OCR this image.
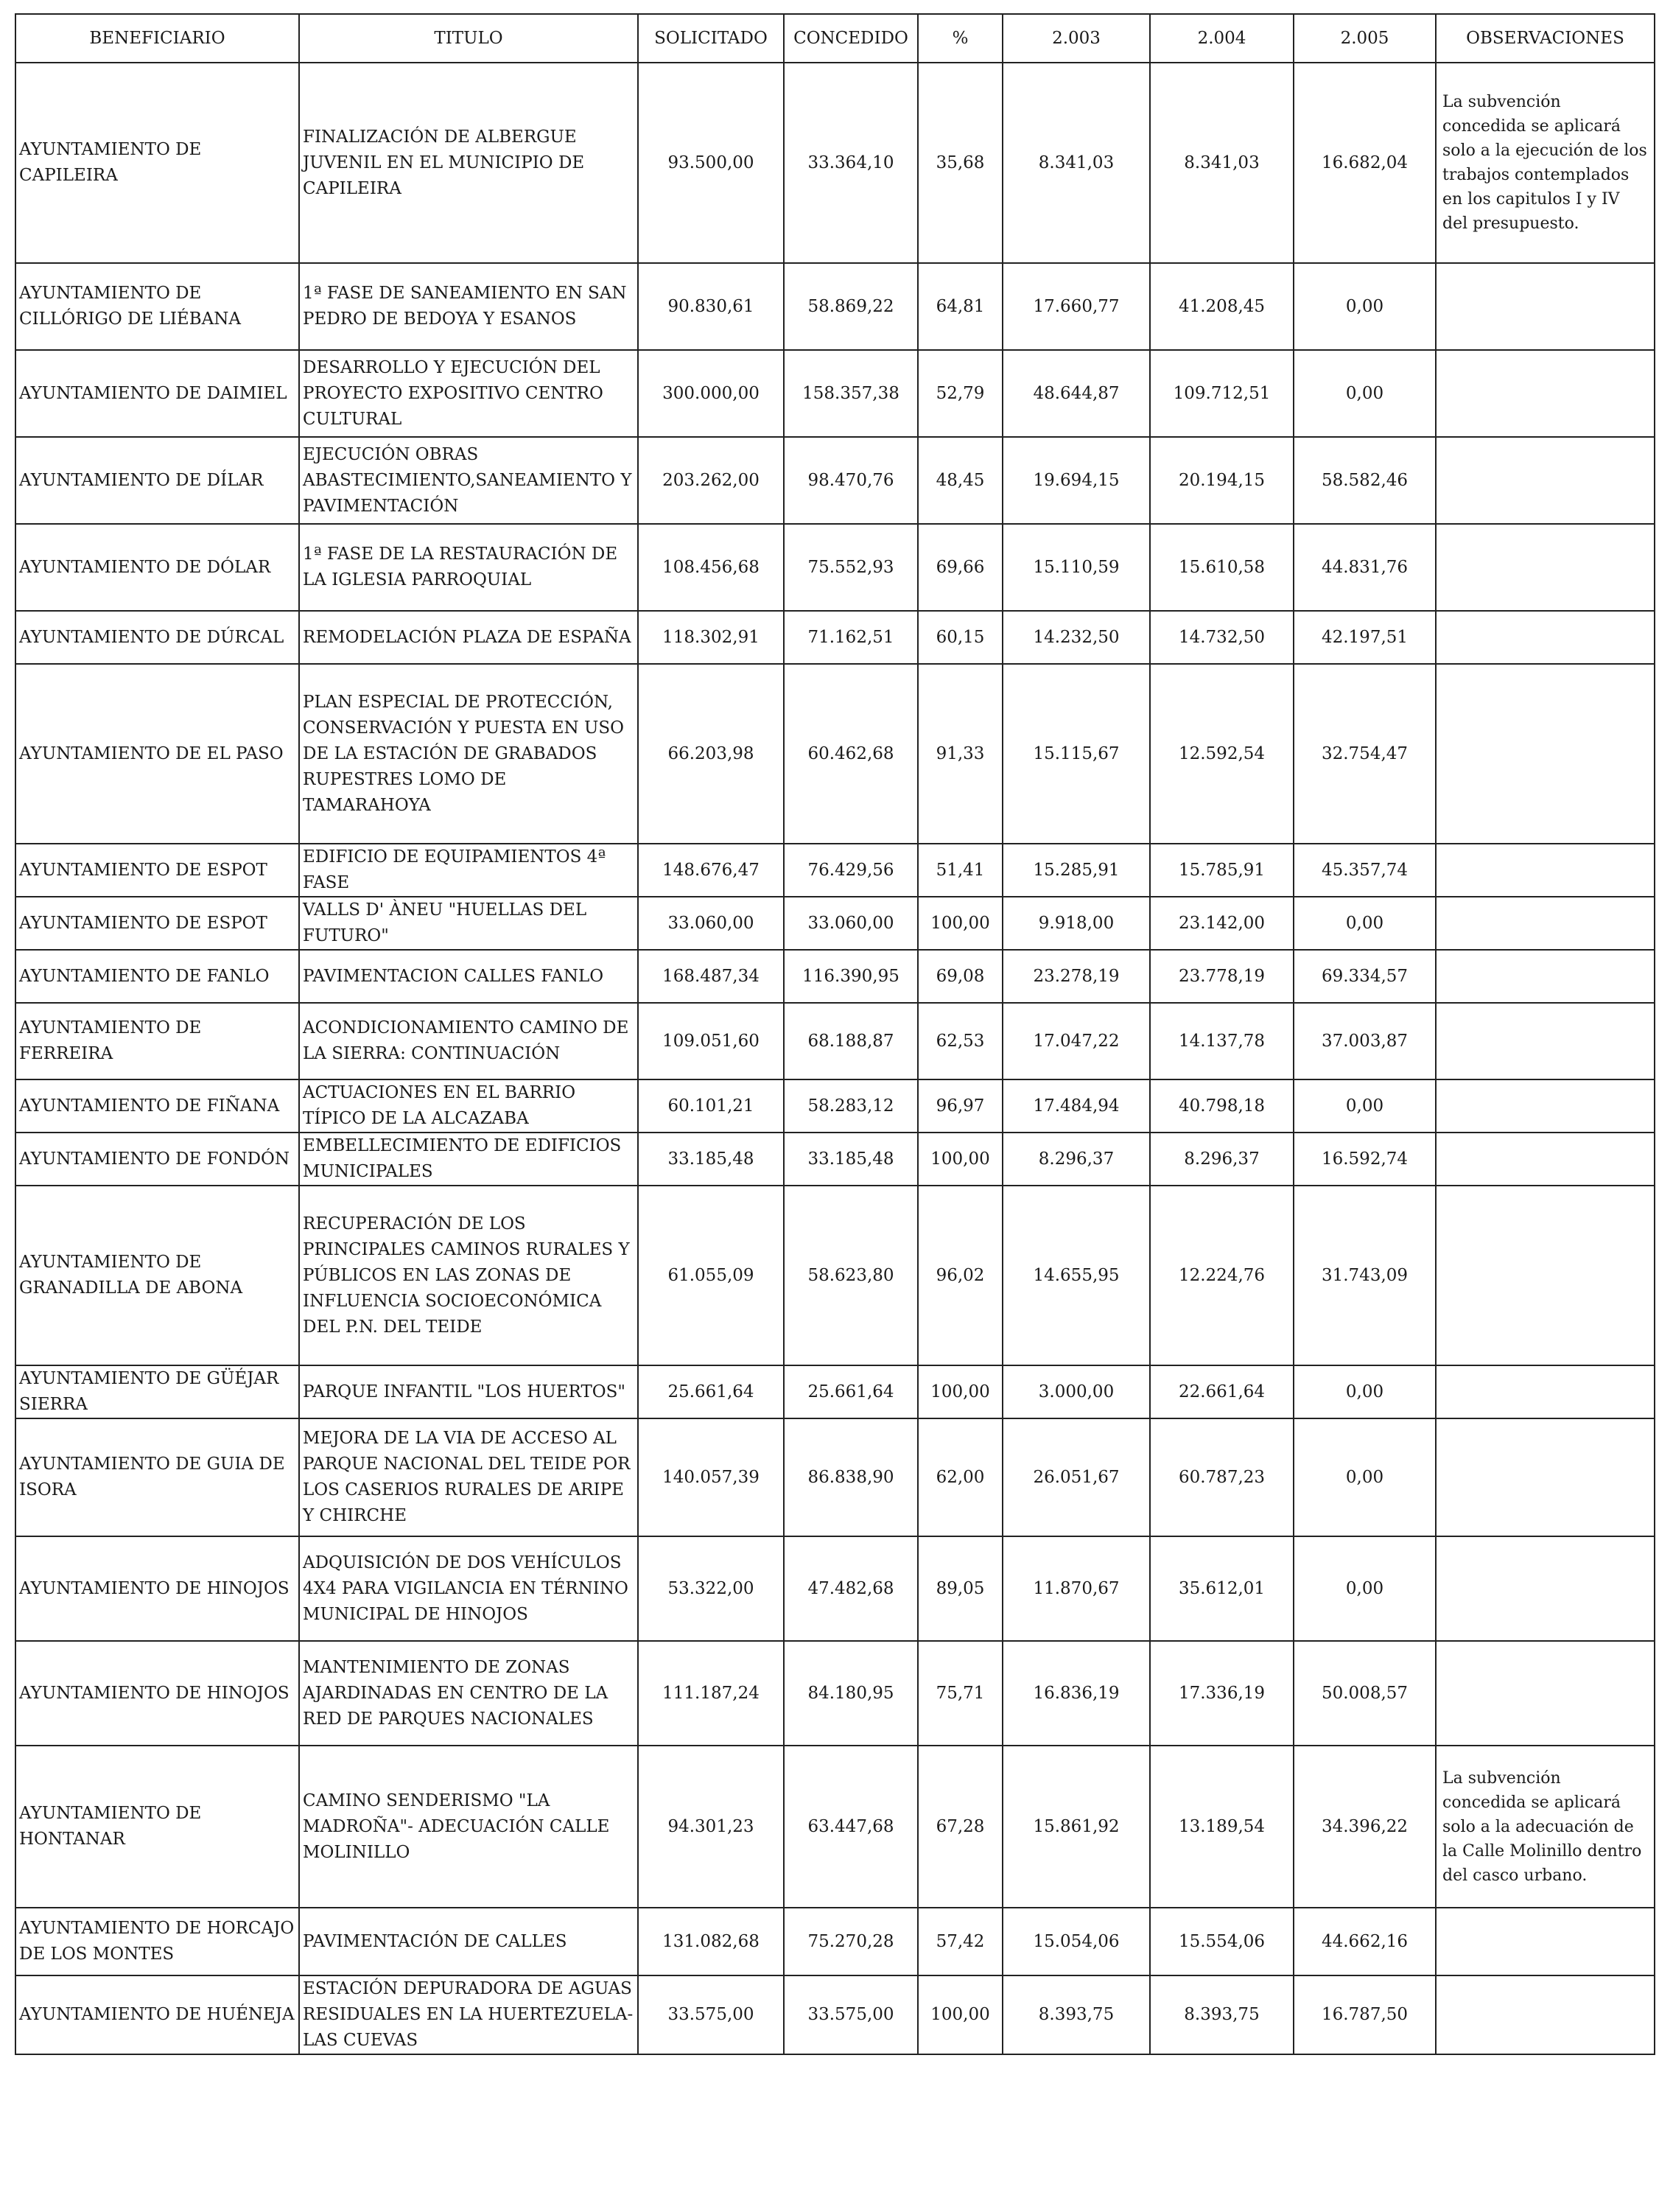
BENEFICIARIO	TITULO	SOLICITADO	CONCEDIDO	%	2.003	2.004	2.005	OBSERVACIONES
AYUNTAMIENTO DE CAPILEIRA	FINALIZACIÓN DE ALBERGUE JUVENIL EN EL MUNICIPIO DE CAPILEIRA	93.500,00	33.364,10	35,68	8.341,03	8.341,03	16.682,04	La subvención concedida se aplicará solo a la ejecución de los trabajos contemplados en los capitulos I y IV del presupuesto.
AYUNTAMIENTO DE CILLÓRIGO DE LIÉBANA	1ª FASE DE SANEAMIENTO EN SAN PEDRO DE BEDOYA Y ESANOS	90.830,61	58.869,22	64,81	17.660,77	41.208,45	0,00	
AYUNTAMIENTO DE DAIMIEL	DESARROLLO Y EJECUCIÓN DEL PROYECTO EXPOSITIVO CENTRO CULTURAL	300.000,00	158.357,38	52,79	48.644,87	109.712,51	0,00	
AYUNTAMIENTO DE DÍLAR	EJECUCIÓN OBRAS ABASTECIMIENTO,SANEAMIENTO Y PAVIMENTACIÓN	203.262,00	98.470,76	48,45	19.694,15	20.194,15	58.582,46	
AYUNTAMIENTO DE DÓLAR	1ª FASE DE LA RESTAURACIÓN DE LA IGLESIA PARROQUIAL	108.456,68	75.552,93	69,66	15.110,59	15.610,58	44.831,76	
AYUNTAMIENTO DE DÚRCAL	REMODELACIÓN PLAZA DE ESPAÑA	118.302,91	71.162,51	60,15	14.232,50	14.732,50	42.197,51	
AYUNTAMIENTO DE EL PASO	PLAN ESPECIAL DE PROTECCIÓN, CONSERVACIÓN Y PUESTA EN USO DE LA ESTACIÓN DE GRABADOS RUPESTRES LOMO DE TAMARAHOYA	66.203,98	60.462,68	91,33	15.115,67	12.592,54	32.754,47	
AYUNTAMIENTO DE ESPOT	EDIFICIO DE EQUIPAMIENTOS 4ª FASE	148.676,47	76.429,56	51,41	15.285,91	15.785,91	45.357,74	
AYUNTAMIENTO DE ESPOT	VALLS D' ÀNEU "HUELLAS DEL FUTURO"	33.060,00	33.060,00	100,00	9.918,00	23.142,00	0,00	
AYUNTAMIENTO DE FANLO	PAVIMENTACION CALLES FANLO	168.487,34	116.390,95	69,08	23.278,19	23.778,19	69.334,57	
AYUNTAMIENTO DE FERREIRA	ACONDICIONAMIENTO CAMINO DE LA SIERRA: CONTINUACIÓN	109.051,60	68.188,87	62,53	17.047,22	14.137,78	37.003,87	
AYUNTAMIENTO DE FIÑANA	ACTUACIONES EN EL BARRIO TÍPICO DE LA ALCAZABA	60.101,21	58.283,12	96,97	17.484,94	40.798,18	0,00	
AYUNTAMIENTO DE FONDÓN	EMBELLECIMIENTO DE EDIFICIOS MUNICIPALES	33.185,48	33.185,48	100,00	8.296,37	8.296,37	16.592,74	
AYUNTAMIENTO DE GRANADILLA DE ABONA	RECUPERACIÓN DE LOS PRINCIPALES CAMINOS RURALES Y PÚBLICOS EN LAS ZONAS DE INFLUENCIA SOCIOECONÓMICA DEL P.N. DEL TEIDE	61.055,09	58.623,80	96,02	14.655,95	12.224,76	31.743,09	
AYUNTAMIENTO DE GÜÉJAR SIERRA	PARQUE INFANTIL "LOS HUERTOS"	25.661,64	25.661,64	100,00	3.000,00	22.661,64	0,00	
AYUNTAMIENTO DE GUIA DE ISORA	MEJORA DE LA VIA DE ACCESO AL PARQUE NACIONAL DEL TEIDE POR LOS CASERIOS RURALES DE ARIPE Y CHIRCHE	140.057,39	86.838,90	62,00	26.051,67	60.787,23	0,00	
AYUNTAMIENTO DE HINOJOS	ADQUISICIÓN DE DOS VEHÍCULOS 4X4 PARA VIGILANCIA EN TÉRNINO MUNICIPAL DE HINOJOS	53.322,00	47.482,68	89,05	11.870,67	35.612,01	0,00	
AYUNTAMIENTO DE HINOJOS	MANTENIMIENTO DE ZONAS AJARDINADAS EN CENTRO DE LA RED DE PARQUES NACIONALES	111.187,24	84.180,95	75,71	16.836,19	17.336,19	50.008,57	
AYUNTAMIENTO DE HONTANAR	CAMINO SENDERISMO "LA MADROÑA"- ADECUACIÓN CALLE MOLINILLO	94.301,23	63.447,68	67,28	15.861,92	13.189,54	34.396,22	La subvención concedida se aplicará solo a la adecuación de la Calle Molinillo dentro del casco urbano.
AYUNTAMIENTO DE HORCAJO DE LOS MONTES	PAVIMENTACIÓN DE CALLES	131.082,68	75.270,28	57,42	15.054,06	15.554,06	44.662,16	
AYUNTAMIENTO DE HUÉNEJA	ESTACIÓN DEPURADORA DE AGUAS RESIDUALES EN LA HUERTEZUELA-LAS CUEVAS	33.575,00	33.575,00	100,00	8.393,75	8.393,75	16.787,50	
